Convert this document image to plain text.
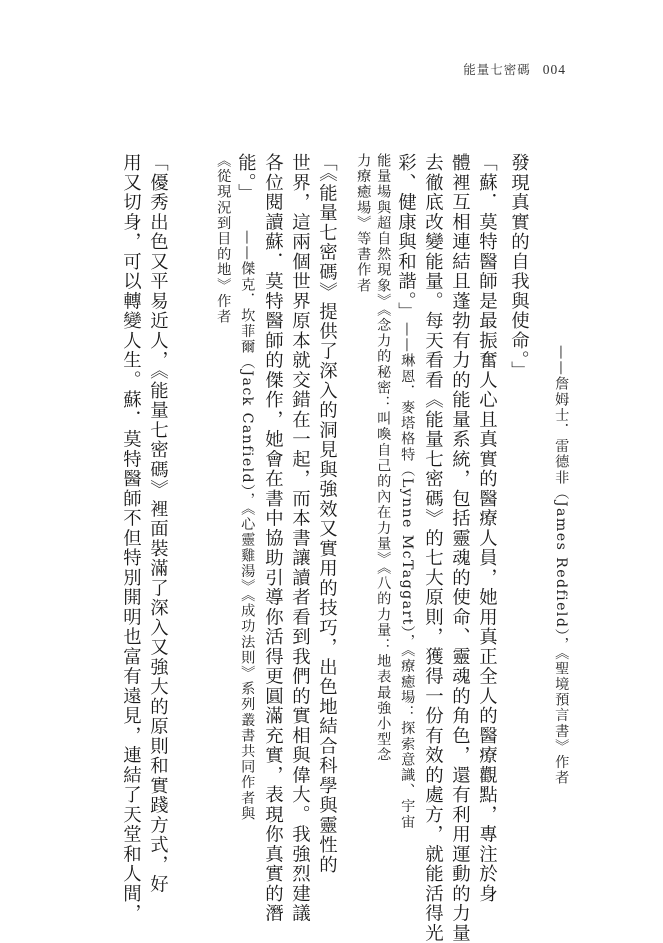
能量七密碼 004
發現真實的自我與使命。」
——詹姆士．雷德非（James Redfield），《聖境預言書》作者
「蘇．莫特醫師是最振奮人心且真實的醫療人員，她用真正全人的醫療觀點，專注於身
體裡互相連結且蓬勃有力的能量系統，包括靈魂的使命、靈魂的角色，還有利用運動的力量
去徹底改變能量。每天看看《能量七密碼》的七大原則，獲得一份有效的處方，就能活得光
彩、健康與和諧。」
——琳恩．麥塔格特（Lynne McTaggart），《療癒場：探索意識、宇宙
能量場與超自然現象》《念力的秘密：叫喚自己的內在力量》《八的力量：地表最強小型念
力療癒場》等書作者
「《能量七密碼》提供了深入的洞見與強效又實用的技巧，出色地結合科學與靈性的
世界，這兩個世界原本就交錯在一起，而本書讓讀者看到我們的實相與偉大。我強烈建議
各位閱讀蘇．莫特醫師的傑作，她會在書中協助引導你活得更圓滿充實，表現你真實的潛
能。」
——傑克．坎菲爾（Jack Canfield），《心靈雞湯》《成功法則》系列叢書共同作者與
《從現況到目的地》作者
「優秀出色又平易近人，《能量七密碼》裡面裝滿了深入又強大的原則和實踐方式，好
用又切身，可以轉變人生。蘇．莫特醫師不但特別開明也富有遠見，連結了天堂和人間，
